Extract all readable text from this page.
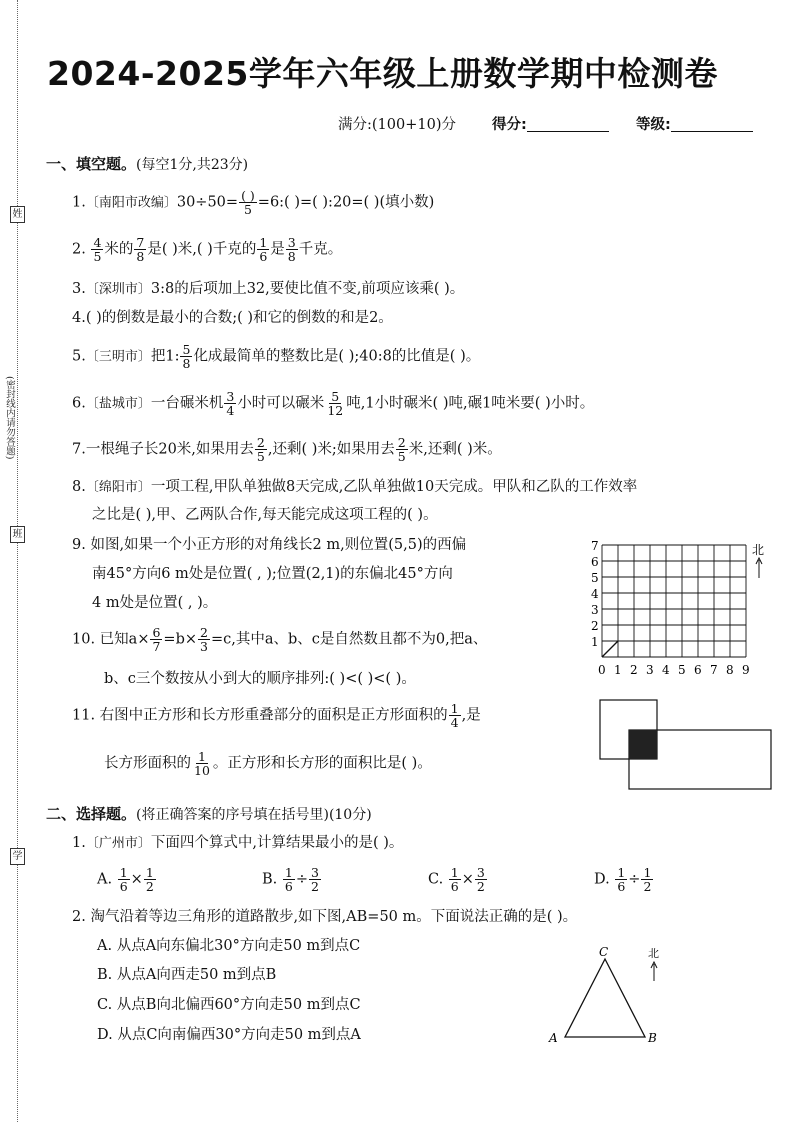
姓
(密封线内请勿答题)
班
学
2024-2025学年六年级上册数学期中检测卷
满分:(100+10)分 得分:	等级:
一、填空题。(每空1分,共23分)
1.〔南阳市改编〕$30\div 50= \frac{( )}{5}$ =6:( )=( ):20=( )(填小数)
2. $\frac{4}{5}$ 米的 $\frac{7}{8}$ 是( )米,( )千克的 $\frac{1}{6}$ 是 $\frac{3}{8}$ 千克。
3.〔深圳市〕3:8的后项加上32,要使比值不变,前项应该乘( )。
4.( )的倒数是最小的合数;( )和它的倒数的和是2。
5.〔三明市〕把1: $\frac{5}{8}$ 化成最简单的整数比是( );40:8的比值是( )。
6.〔盐城市〕一台碾米机 $\frac{3}{4}$ 小时可以碾米 $\frac{5}{12}$ 吨,1小时碾米( )吨,碾1吨米要( )小时。
7.一根绳子长20米,如果用去 $\frac{2}{5}$ ,还剩( )米;如果用去 $\frac{2}{5}$ 米,还剩( )米。
8.〔绵阳市〕一项工程,甲队单独做8天完成,乙队单独做10天完成。甲队和乙队的工作效率
之比是( ),甲、乙两队合作,每天能完成这项工程的( )。
9. 如图,如果一个小正方形的对角线长2 m,则位置(5,5)的西偏
南45°方向6 m处是位置( , );位置(2,1)的东偏北45°方向
4 m处是位置( , )。
7
6
5
4
3
2
1
0 1 2 3 4 5 6 7 8 9
北
10. 已知$a\times \frac{6}{7} =b\times \frac{2}{3} =c$,其中a、b、c是自然数且都不为0,把a、
b、c三个数按从小到大的顺序排列:( )<( )<( )。
11. 右图中正方形和长方形重叠部分的面积是正方形面积的 $\frac{1}{4}$ ,是
长方形面积的 $\frac{1}{10}$ 。正方形和长方形的面积比是( )。
二、选择题。(将正确答案的序号填在括号里)(10分)
1.〔广州市〕下面四个算式中,计算结果最小的是( )。
A. $\frac{1}{6} \times \frac{1}{2}$	B. $\frac{1}{6} \div \frac{3}{2}$	C. $\frac{1}{6} \times \frac{3}{2}$	D. $\frac{1}{6} \div \frac{1}{2}$
2. 淘气沿着等边三角形的道路散步,如下图,AB=50 m。下面说法正确的是( )。
A. 从点A向东偏北30°方向走50 m到点C
B. 从点A向西走50 m到点B
C. 从点B向北偏西60°方向走50 m到点C
D. 从点C向南偏西30°方向走50 m到点A
C
A	B
北
